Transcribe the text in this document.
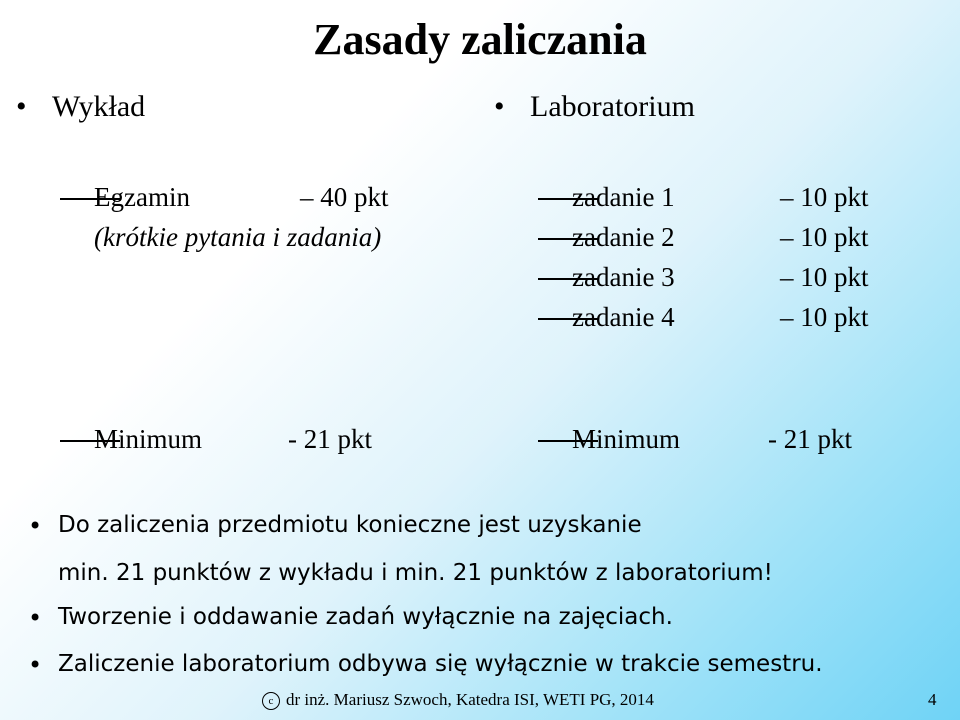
Zasady zaliczania
• Wykład
Egzamin	– 40 pkt
(krótkie pytania i zadania)
Minimum	- 21 pkt
• Laboratorium
zadanie 1	– 10 pkt
zadanie 2	– 10 pkt
zadanie 3	– 10 pkt
zadanie 4	– 10 pkt
Minimum	- 21 pkt
• Do zaliczenia przedmiotu konieczne jest uzyskanie
min. 21 punktów z wykładu i min. 21 punktów z laboratorium!
• Tworzenie i oddawanie zadań wyłącznie na zajęciach.
• Zaliczenie laboratorium odbywa się wyłącznie w trakcie semestru.
c dr inż. Mariusz Szwoch, Katedra ISI, WETI PG, 2014	4
